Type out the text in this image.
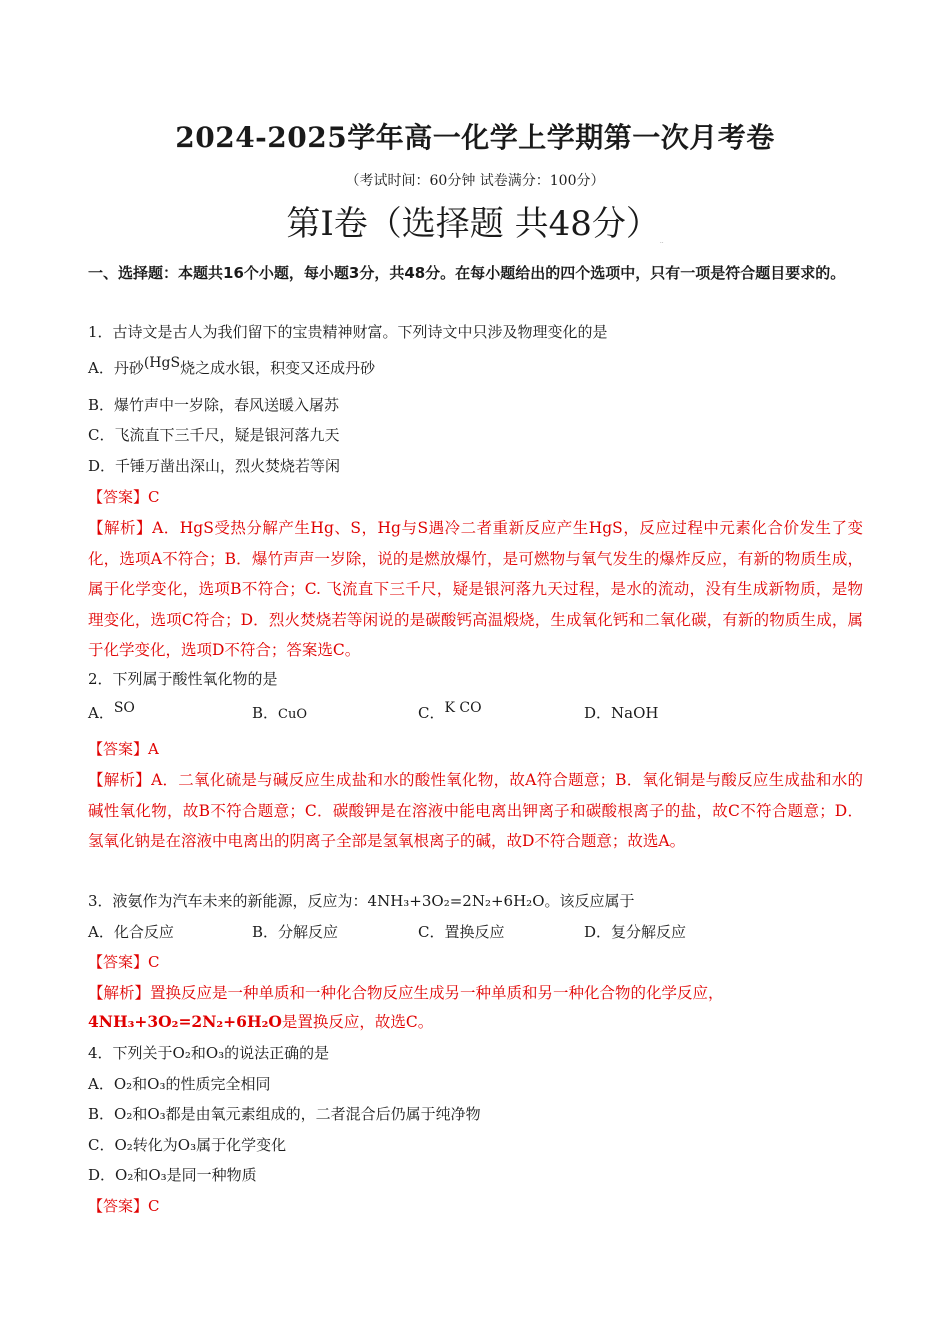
2024-2025学年高一化学上学期第一次月考卷
（考试时间：60分钟 试卷满分：100分）
第Ⅰ卷（选择题 共48分）..
一、选择题：本题共16个小题，每小题3分，共48分。在每小题给出的四个选项中，只有一项是符合题目要求的。
1．古诗文是古人为我们留下的宝贵精神财富。下列诗文中只涉及物理变化的是
A．丹砂(HgS烧之成水银，积变又还成丹砂
B．爆竹声中一岁除，春风送暖入屠苏
C．飞流直下三千尺，疑是银河落九天
D．千锤万凿出深山，烈火焚烧若等闲
【答案】C
【解析】A．HgS受热分解产生Hg、S，Hg与S遇冷二者重新反应产生HgS，反应过程中元素化合价发生了变化，选项A不符合；B．爆竹声声一岁除，说的是燃放爆竹，是可燃物与氧气发生的爆炸反应，有新的物质生成，属于化学变化，选项B不符合；C. 飞流直下三千尺，疑是银河落九天过程，是水的流动，没有生成新物质，是物理变化，选项C符合；D．烈火焚烧若等闲说的是碳酸钙高温煅烧，生成氧化钙和二氧化碳，有新的物质生成，属于化学变化，选项D不符合；答案选C。
2．下列属于酸性氧化物的是
A．SO	B．CuO	C．K CO	D．NaOH
【答案】A
【解析】A．二氧化硫是与碱反应生成盐和水的酸性氧化物，故A符合题意；B．氧化铜是与酸反应生成盐和水的碱性氧化物，故B不符合题意；C．碳酸钾是在溶液中能电离出钾离子和碳酸根离子的盐，故C不符合题意；D．氢氧化钠是在溶液中电离出的阴离子全部是氢氧根离子的碱，故D不符合题意；故选A。
3．液氨作为汽车未来的新能源，反应为：4NH₃+3O₂=2N₂+6H₂O。该反应属于
A．化合反应	B．分解反应	C．置换反应	D．复分解反应
【答案】C
【解析】置换反应是一种单质和一种化合物反应生成另一种单质和另一种化合物的化学反应，
4NH₃+3O₂=2N₂+6H₂O是置换反应，故选C。
4．下列关于O₂和O₃的说法正确的是
A．O₂和O₃的性质完全相同
B．O₂和O₃都是由氧元素组成的，二者混合后仍属于纯净物
C．O₂转化为O₃属于化学变化
D．O₂和O₃是同一种物质
【答案】C
